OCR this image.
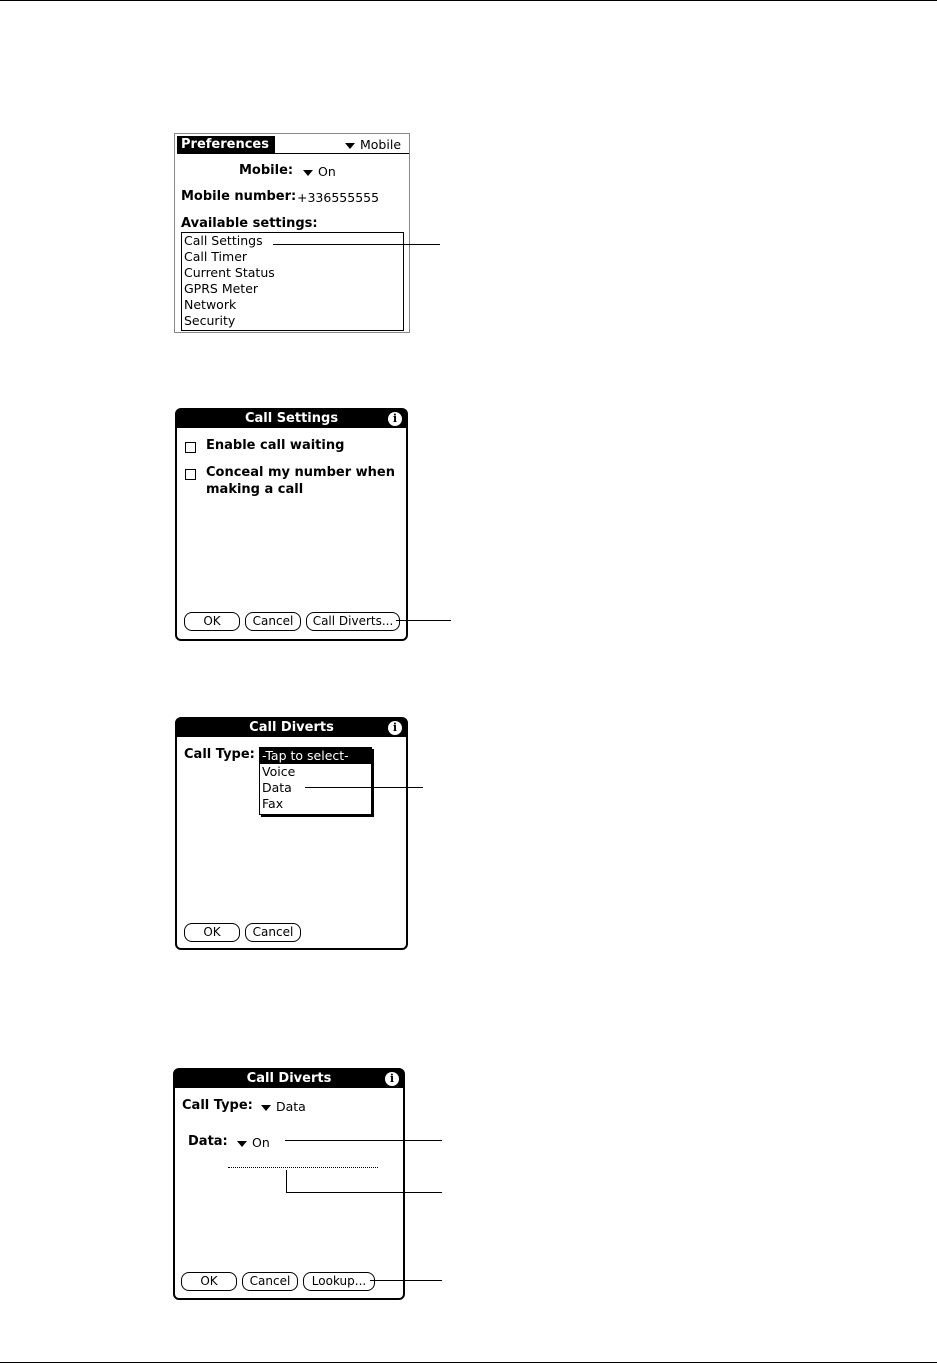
Preferences	Mobile
Mobile:	On
Mobile number: +336555555
Available settings:
Call Settings
Call Timer
Current Status
GPRS Meter
Network
Security
Call Settings	i
Enable call waiting
Conceal my number when
making a call
OK	Cancel	Call Diverts...
Call Diverts	i
Call Type: -Tap to select-
Voice
Data
Fax
OK	Cancel
Call Diverts	i
Call Type:	Data
Data:	On
OK	Cancel	Lookup...
